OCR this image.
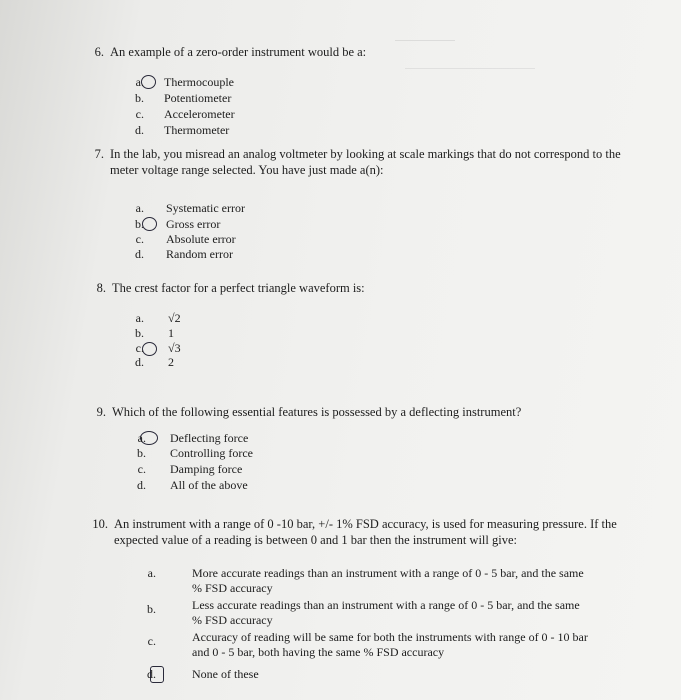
6. An example of a zero-order instrument would be a:
a. Thermocouple
b. Potentiometer
c. Accelerometer
d. Thermometer
7. In the lab, you misread an analog voltmeter by looking at scale markings that do not correspond to the meter voltage range selected. You have just made a(n):
a. Systematic error
b. Gross error
c. Absolute error
d. Random error
8. The crest factor for a perfect triangle waveform is:
a. √2
b. 1
c. √3
d. 2
9. Which of the following essential features is possessed by a deflecting instrument?
a. Deflecting force
b. Controlling force
c. Damping force
d. All of the above
10. An instrument with a range of 0 -10 bar, +/- 1% FSD accuracy, is used for measuring pressure. If the expected value of a reading is between 0 and 1 bar then the instrument will give:
a.	More accurate readings than an instrument with a range of 0 - 5 bar, and the same % FSD accuracy
b.	Less accurate readings than an instrument with a range of 0 - 5 bar, and the same % FSD accuracy
c.	Accuracy of reading will be same for both the instruments with range of 0 - 10 bar and 0 - 5 bar, both having the same % FSD accuracy
d.	None of these
